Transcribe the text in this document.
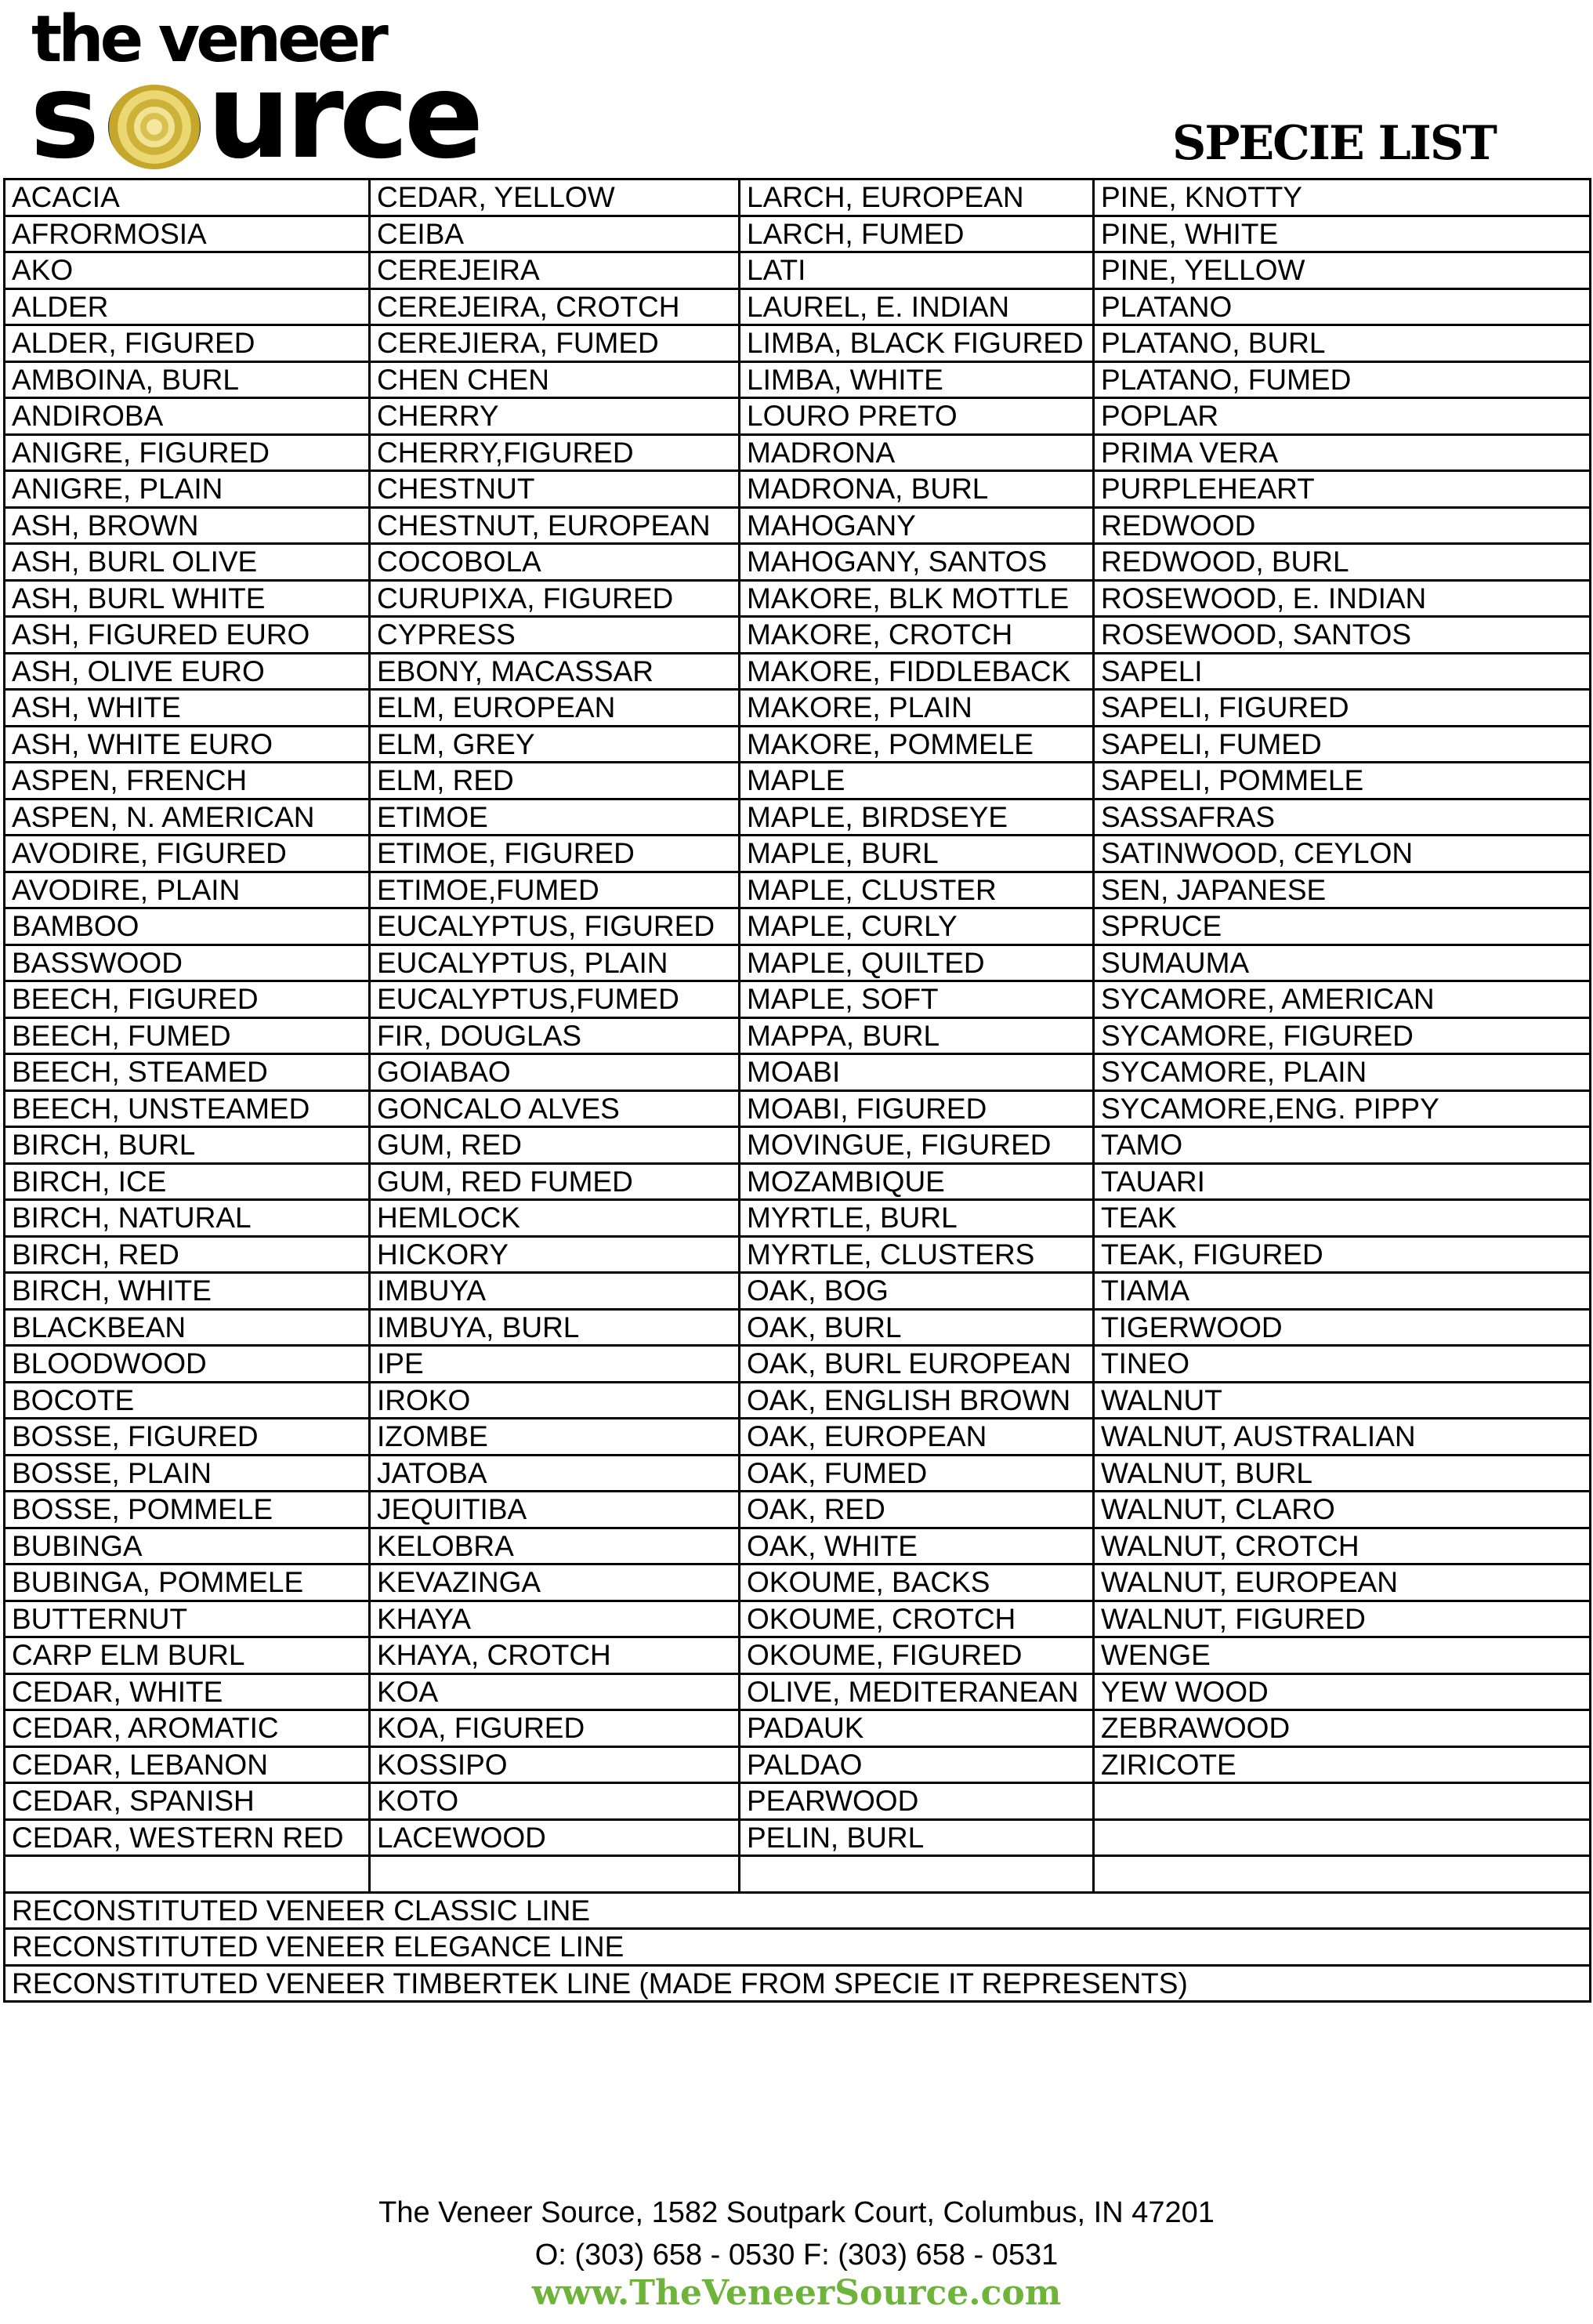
the veneer
s urce	SPECIE LIST
ACACIA	CEDAR, YELLOW	LARCH, EUROPEAN	PINE, KNOTTY
AFRORMOSIA	CEIBA	LARCH, FUMED	PINE, WHITE
AKO	CEREJEIRA	LATI	PINE, YELLOW
ALDER	CEREJEIRA, CROTCH	LAUREL, E. INDIAN	PLATANO
ALDER, FIGURED	CEREJIERA, FUMED	LIMBA, BLACK FIGURED	PLATANO, BURL
AMBOINA, BURL	CHEN CHEN	LIMBA, WHITE	PLATANO, FUMED
ANDIROBA	CHERRY	LOURO PRETO	POPLAR
ANIGRE, FIGURED	CHERRY,FIGURED	MADRONA	PRIMA VERA
ANIGRE, PLAIN	CHESTNUT	MADRONA, BURL	PURPLEHEART
ASH, BROWN	CHESTNUT, EUROPEAN	MAHOGANY	REDWOOD
ASH, BURL OLIVE	COCOBOLA	MAHOGANY, SANTOS	REDWOOD, BURL
ASH, BURL WHITE	CURUPIXA, FIGURED	MAKORE, BLK MOTTLE	ROSEWOOD, E. INDIAN
ASH, FIGURED EURO	CYPRESS	MAKORE, CROTCH	ROSEWOOD, SANTOS
ASH, OLIVE EURO	EBONY, MACASSAR	MAKORE, FIDDLEBACK	SAPELI
ASH, WHITE	ELM, EUROPEAN	MAKORE, PLAIN	SAPELI, FIGURED
ASH, WHITE EURO	ELM, GREY	MAKORE, POMMELE	SAPELI, FUMED
ASPEN, FRENCH	ELM, RED	MAPLE	SAPELI, POMMELE
ASPEN, N. AMERICAN	ETIMOE	MAPLE, BIRDSEYE	SASSAFRAS
AVODIRE, FIGURED	ETIMOE, FIGURED	MAPLE, BURL	SATINWOOD, CEYLON
AVODIRE, PLAIN	ETIMOE,FUMED	MAPLE, CLUSTER	SEN, JAPANESE
BAMBOO	EUCALYPTUS, FIGURED	MAPLE, CURLY	SPRUCE
BASSWOOD	EUCALYPTUS, PLAIN	MAPLE, QUILTED	SUMAUMA
BEECH, FIGURED	EUCALYPTUS,FUMED	MAPLE, SOFT	SYCAMORE, AMERICAN
BEECH, FUMED	FIR, DOUGLAS	MAPPA, BURL	SYCAMORE, FIGURED
BEECH, STEAMED	GOIABAO	MOABI	SYCAMORE, PLAIN
BEECH, UNSTEAMED	GONCALO ALVES	MOABI, FIGURED	SYCAMORE,ENG. PIPPY
BIRCH, BURL	GUM, RED	MOVINGUE, FIGURED	TAMO
BIRCH, ICE	GUM, RED FUMED	MOZAMBIQUE	TAUARI
BIRCH, NATURAL	HEMLOCK	MYRTLE, BURL	TEAK
BIRCH, RED	HICKORY	MYRTLE, CLUSTERS	TEAK, FIGURED
BIRCH, WHITE	IMBUYA	OAK, BOG	TIAMA
BLACKBEAN	IMBUYA, BURL	OAK, BURL	TIGERWOOD
BLOODWOOD	IPE	OAK, BURL EUROPEAN	TINEO
BOCOTE	IROKO	OAK, ENGLISH BROWN	WALNUT
BOSSE, FIGURED	IZOMBE	OAK, EUROPEAN	WALNUT, AUSTRALIAN
BOSSE, PLAIN	JATOBA	OAK, FUMED	WALNUT, BURL
BOSSE, POMMELE	JEQUITIBA	OAK, RED	WALNUT, CLARO
BUBINGA	KELOBRA	OAK, WHITE	WALNUT, CROTCH
BUBINGA, POMMELE	KEVAZINGA	OKOUME, BACKS	WALNUT, EUROPEAN
BUTTERNUT	KHAYA	OKOUME, CROTCH	WALNUT, FIGURED
CARP ELM BURL	KHAYA, CROTCH	OKOUME, FIGURED	WENGE
CEDAR, WHITE	KOA	OLIVE, MEDITERANEAN	YEW WOOD
CEDAR, AROMATIC	KOA, FIGURED	PADAUK	ZEBRAWOOD
CEDAR, LEBANON	KOSSIPO	PALDAO	ZIRICOTE
CEDAR, SPANISH	KOTO	PEARWOOD	
CEDAR, WESTERN RED	LACEWOOD	PELIN, BURL	

RECONSTITUTED VENEER CLASSIC LINE			
RECONSTITUTED VENEER ELEGANCE LINE			
RECONSTITUTED VENEER TIMBERTEK LINE (MADE FROM SPECIE IT REPRESENTS)			
The Veneer Source, 1582 Soutpark Court, Columbus, IN 47201
O: (303) 658 - 0530 F: (303) 658 - 0531
www.TheVeneerSource.com
